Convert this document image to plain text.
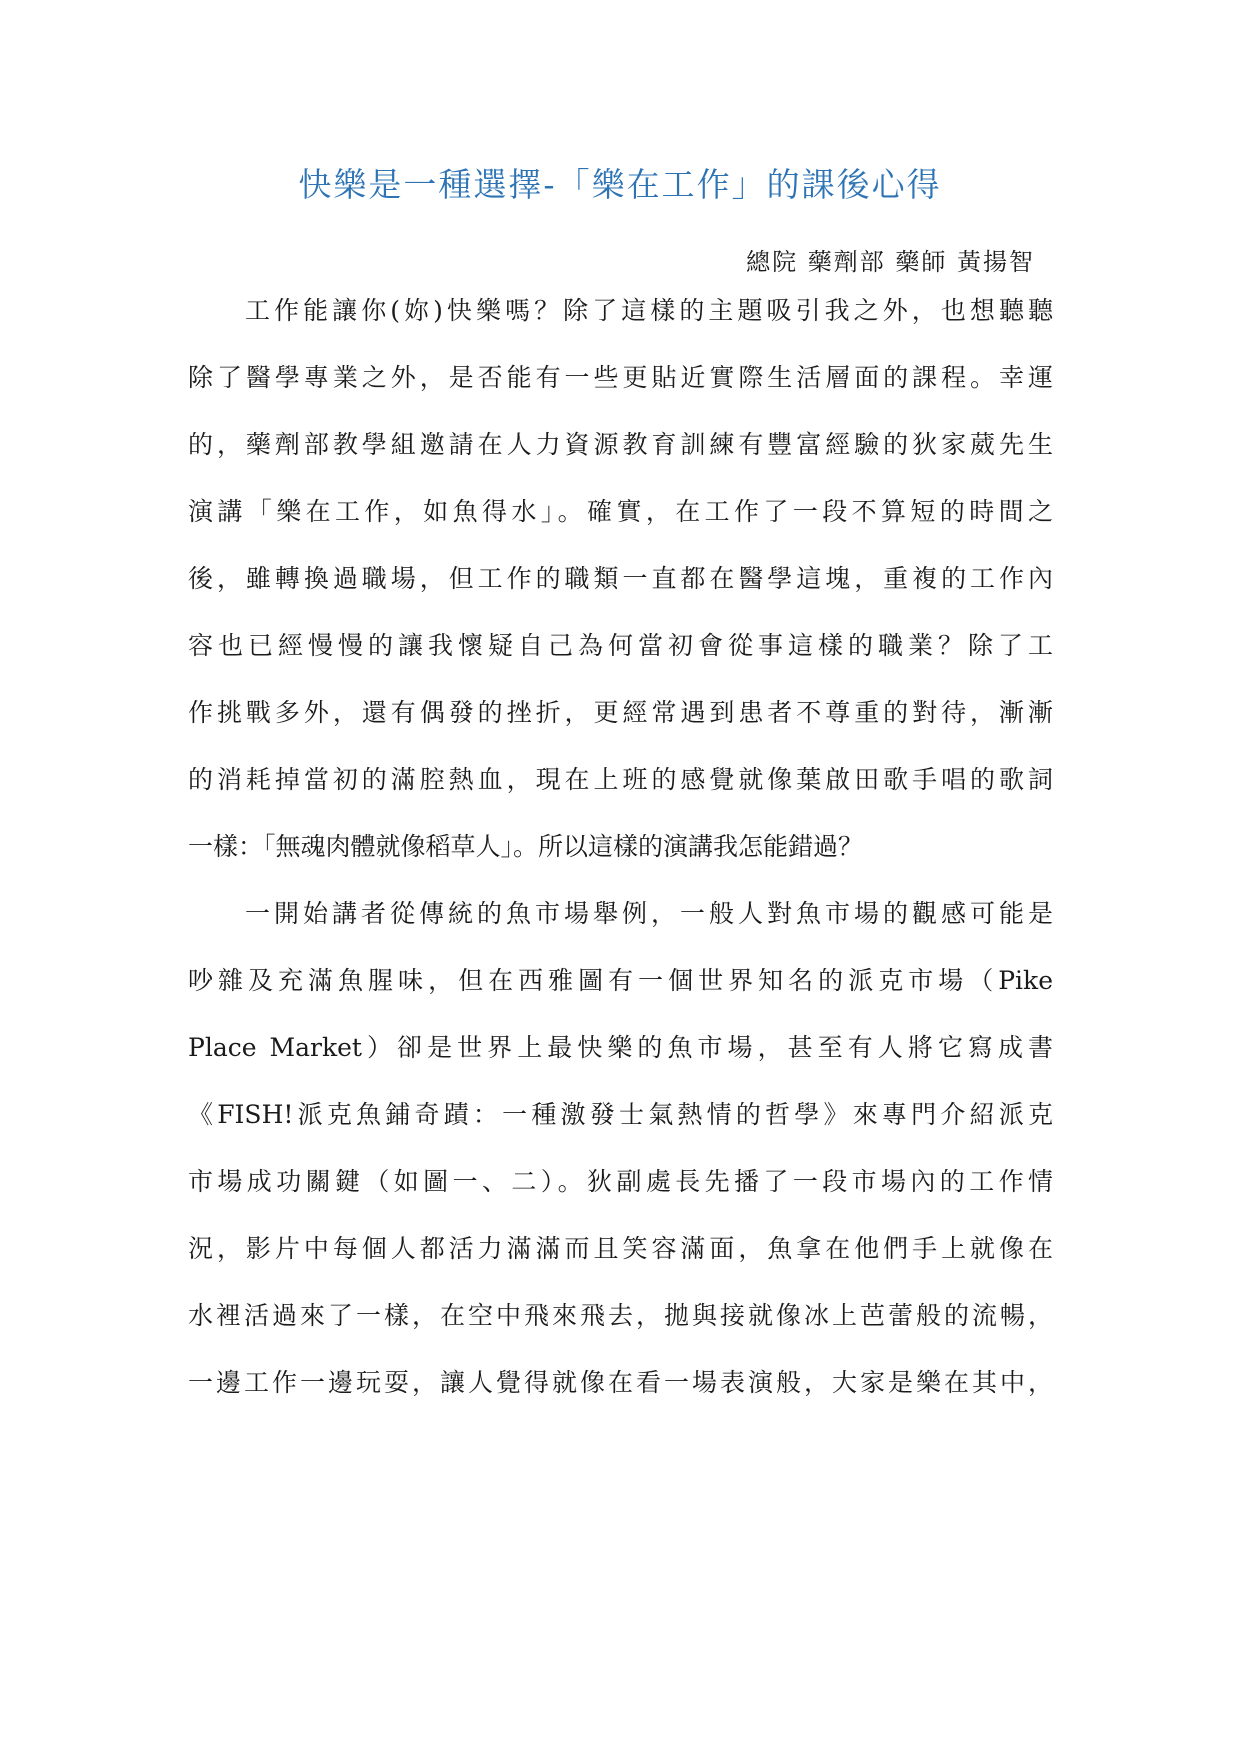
快樂是一種選擇-「樂在工作」的課後心得
總院 藥劑部 藥師 黃揚智
工作能讓你(妳)快樂嗎？除了這樣的主題吸引我之外，也想聽聽
除了醫學專業之外，是否能有一些更貼近實際生活層面的課程。幸運
的，藥劑部教學組邀請在人力資源教育訓練有豐富經驗的狄家葳先生
演講「樂在工作，如魚得水」。確實，在工作了一段不算短的時間之
後，雖轉換過職場，但工作的職類一直都在醫學這塊，重複的工作內
容也已經慢慢的讓我懷疑自己為何當初會從事這樣的職業？除了工
作挑戰多外，還有偶發的挫折，更經常遇到患者不尊重的對待，漸漸
的消耗掉當初的滿腔熱血，現在上班的感覺就像葉啟田歌手唱的歌詞
一樣：「無魂肉體就像稻草人」。所以這樣的演講我怎能錯過？
一開始講者從傳統的魚市場舉例，一般人對魚市場的觀感可能是
吵雜及充滿魚腥味，但在西雅圖有一個世界知名的派克市場（Pike
Place Market）卻是世界上最快樂的魚市場，甚至有人將它寫成書
《FISH!派克魚鋪奇蹟：一種激發士氣熱情的哲學》來專門介紹派克
市場成功關鍵（如圖一、二）。狄副處長先播了一段市場內的工作情
況，影片中每個人都活力滿滿而且笑容滿面，魚拿在他們手上就像在
水裡活過來了一樣，在空中飛來飛去，拋與接就像冰上芭蕾般的流暢，
一邊工作一邊玩耍，讓人覺得就像在看一場表演般，大家是樂在其中，
